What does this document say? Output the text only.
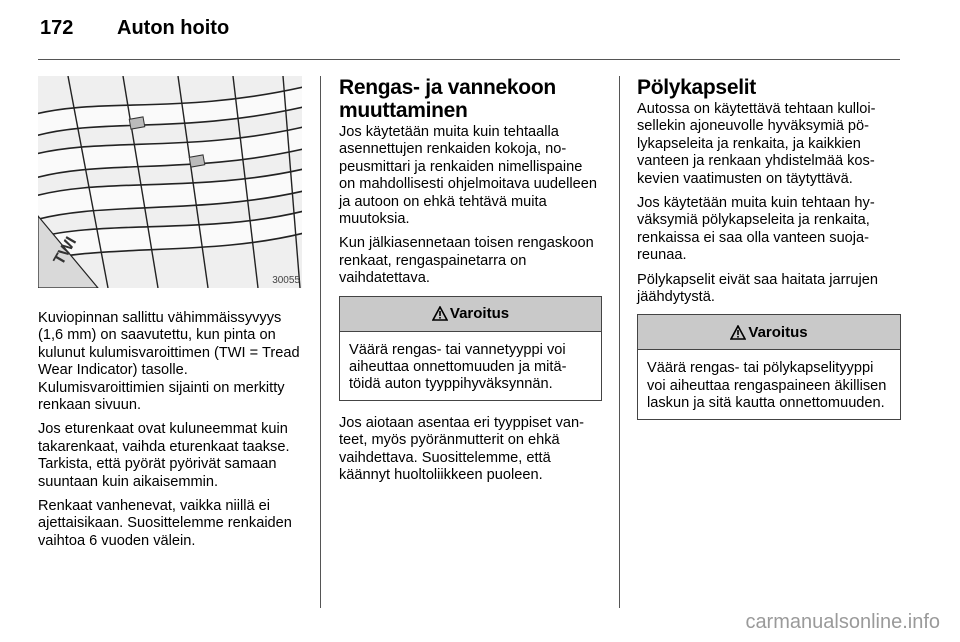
172 Auton hoito
TWI
30055

Kuviopinnan sallittu vähimmäissyvyys (1,6 mm) on saavutettu, kun pinta on kulunut kulumisvaroittimen (TWI = Tread Wear Indicator) tasolle. Kulumisvaroittimien sijainti on merkitty renkaan sivuun.

Jos eturenkaat ovat kuluneemmat kuin takarenkaat, vaihda eturenkaat taakse. Tarkista, että pyörät pyörivät samaan suuntaan kuin aikaisemmin.

Renkaat vanhenevat, vaikka niillä ei ajettaisikaan. Suosittelemme renkaiden vaihtoa 6 vuoden välein.

Rengas- ja vannekoon muuttaminen

Jos käytetään muita kuin tehtaalla asennettujen renkaiden kokoja, nopeusmittari ja renkaiden nimellispaine on mahdollisesti ohjelmoitava uudelleen ja autoon on ehkä tehtävä muita muutoksia.

Kun jälkiasennetaan toisen rengaskoon renkaat, rengaspainetarra on vaihdatettava.

Varoitus

Väärä rengas- tai vannetyyppi voi aiheuttaa onnettomuuden ja mitätöidä auton tyyppihyväksynnän.

Jos aiotaan asentaa eri tyyppiset vanteet, myös pyöränmutterit on ehkä vaihdettava. Suosittelemme, että käännyt huoltoliikkeen puoleen.

Pölykapselit

Autossa on käytettävä tehtaan kulloisellekin ajoneuvolle hyväksymiä pölykapseleita ja renkaita, ja kaikkien vanteen ja renkaan yhdistelmää koskevien vaatimusten on täytyttävä.

Jos käytetään muita kuin tehtaan hyväksymiä pölykapseleita ja renkaita, renkaissa ei saa olla vanteen suojareunaa.

Pölykapselit eivät saa haitata jarrujen jäähdytystä.

Varoitus

Väärä rengas- tai pölykapselityyppi voi aiheuttaa rengaspaineen äkillisen laskun ja sitä kautta onnettomuuden.

carmanualsonline.info
